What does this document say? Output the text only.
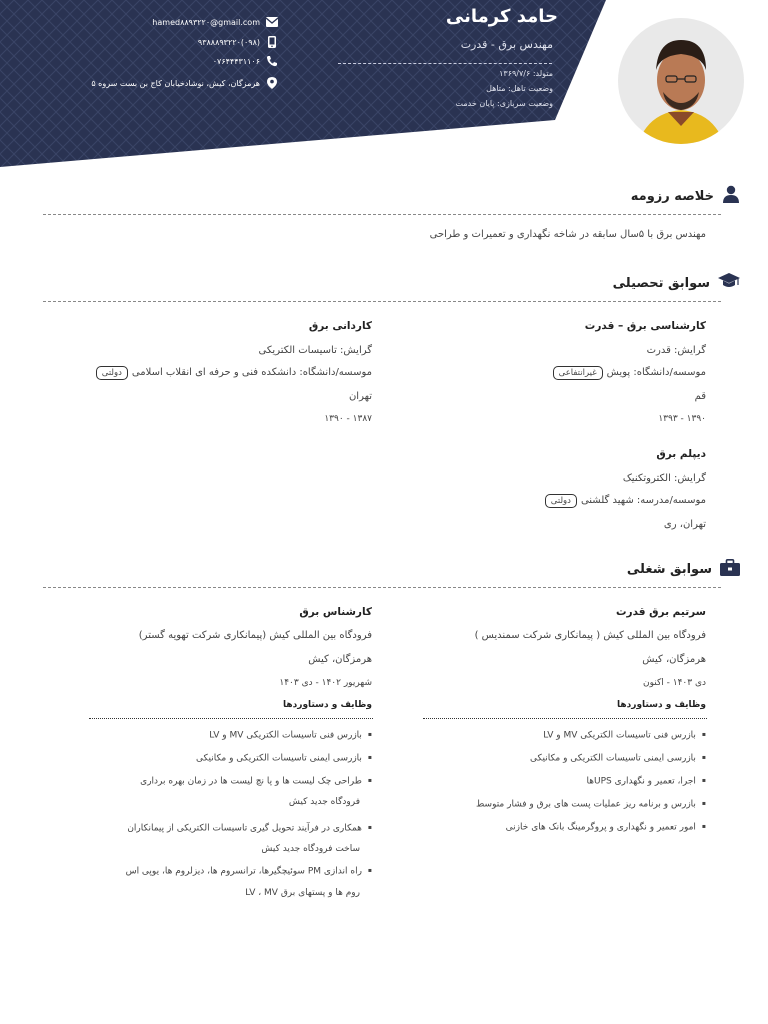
حامد کرمانی
مهندس برق - قدرت
متولد: ۱۳۶۹/۷/۶
وضعیت تاهل: متاهل
وضعیت سربازی: پایان خدمت
hamed۸۸۹۳۲۲۰@gmail.com
(۰۹۸)۹۳۸۸۸۹۳۲۲۰
۰۷۶۴۴۴۳۱۱۰۶
هرمزگان، کیش، نوشادخیابان کاج بن بست سروه ۵
خلاصه رزومه
مهندس برق با ۵سال سابقه در شاخه نگهداری و تعمیرات و طراحی
سوابق تحصیلی
کارشناسی برق – قدرت
گرایش: قدرت
موسسه/دانشگاه: پویشغیرانتفاعی
قم
۱۳۹۰ - ۱۳۹۳
کاردانی برق
گرایش: تاسیسات الکتریکی
موسسه/دانشگاه: دانشکده فنی و حرفه ای انقلاب اسلامیدولتی
تهران
۱۳۸۷ - ۱۳۹۰
دیپلم برق
گرایش: الکتروتکنیک
موسسه/مدرسه: شهید گلشنیدولتی
تهران، ری
سوابق شغلی
سرتیم برق قدرت
فرودگاه بین المللی کیش ( پیمانکاری شرکت سمندیس )
هرمزگان، کیش
دی ۱۴۰۳ - اکنون
وظایف و دستاوردها
▪ بازرس فنی تاسیسات الکتریکی MV و LV
▪ بازرسی ایمنی تاسیسات الکتریکی و مکانیکی
▪ اجرا، تعمیر و نگهداری UPSها
▪ بازرس و برنامه ریز عملیات پست های برق و فشار متوسط
▪ امور تعمیر و نگهداری و پروگرمینگ بانک های خازنی
کارشناس برق
فرودگاه بین المللی کیش (پیمانکاری شرکت تهویه گستر)
هرمزگان، کیش
شهریور ۱۴۰۲ - دی ۱۴۰۳
وظایف و دستاوردها
▪ بازرس فنی تاسیسات الکتریکی MV و LV
▪ بازرسی ایمنی تاسیسات الکتریکی و مکانیکی
▪ طراحی چک لیست ها و پا نچ لیست ها در زمان بهره برداری
فرودگاه جدید کیش
▪ همکاری در فرآیند تحویل گیری تاسیسات الکتریکی از پیمانکاران
ساخت فرودگاه جدید کیش
▪ راه اندازی PM سوئیچگیرها، ترانسروم ها، دیزلروم ها، یوپی اس
روم ها و پستهای برق LV ، MV
